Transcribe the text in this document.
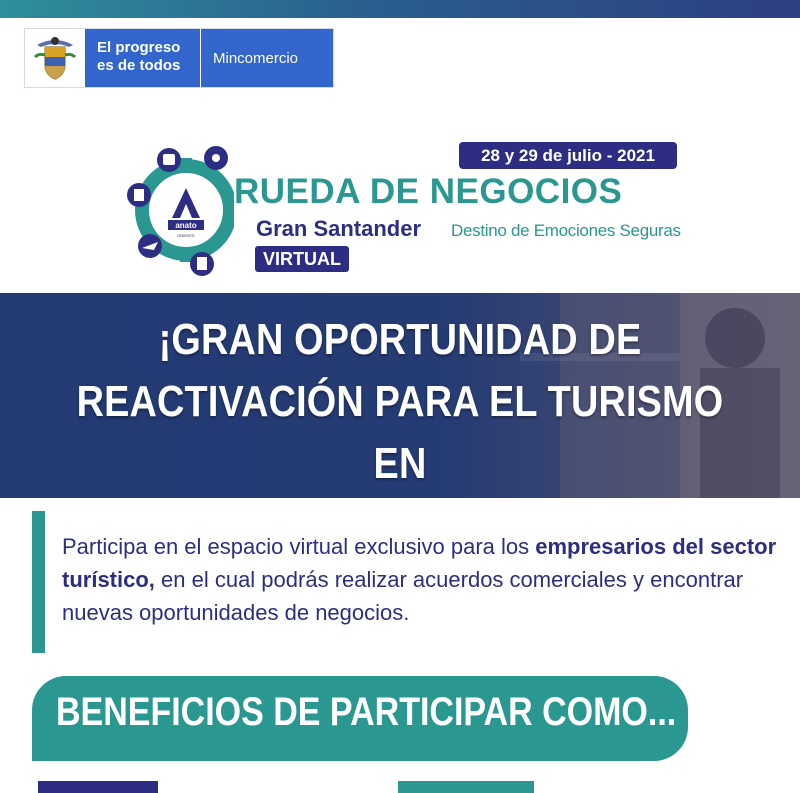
El progreso
es de todos	Mincomercio
anato
ORIENTE
28 y 29 de julio - 2021
RUEDA DE NEGOCIOS
Gran Santander Destino de Emociones Seguras
VIRTUAL
¡GRAN OPORTUNIDAD DE
REACTIVACIÓN PARA EL TURISMO EN
Participa en el espacio virtual exclusivo para los empresarios del sector turístico, en el cual podrás realizar acuerdos comerciales y encontrar nuevas oportunidades de negocios.
BENEFICIOS DE PARTICIPAR COMO...
